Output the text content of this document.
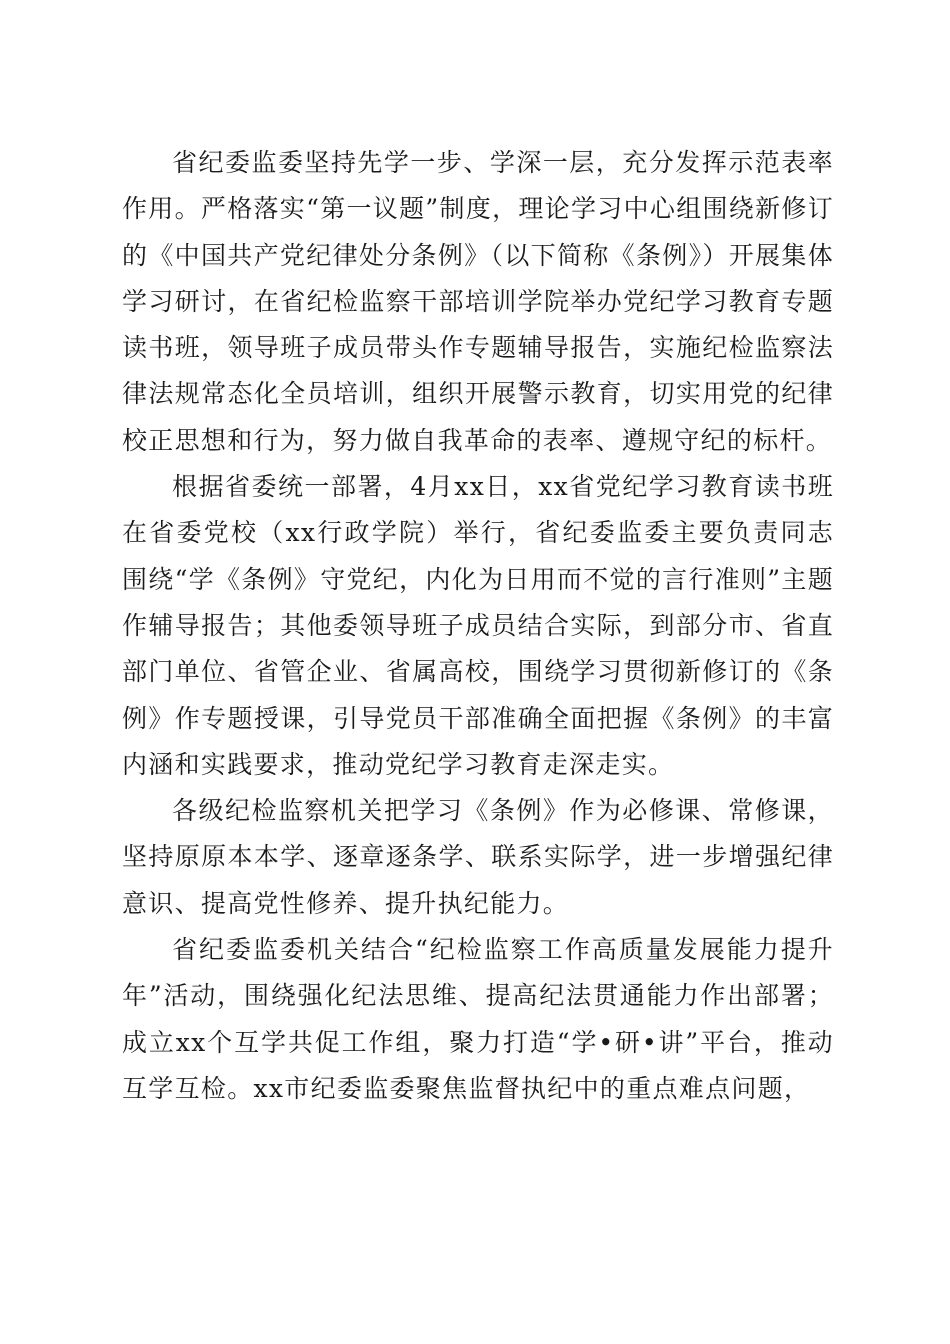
省纪委监委坚持先学一步、学深一层，充分发挥示范表率作用。严格落实“第一议题”制度，理论学习中心组围绕新修订的《中国共产党纪律处分条例》（以下简称《条例》）开展集体学习研讨，在省纪检监察干部培训学院举办党纪学习教育专题读书班，领导班子成员带头作专题辅导报告，实施纪检监察法律法规常态化全员培训，组织开展警示教育，切实用党的纪律校正思想和行为，努力做自我革命的表率、遵规守纪的标杆。

根据省委统一部署，4月xx日，xx省党纪学习教育读书班在省委党校（xx行政学院）举行，省纪委监委主要负责同志围绕“学《条例》守党纪，内化为日用而不觉的言行准则”主题作辅导报告；其他委领导班子成员结合实际，到部分市、省直部门单位、省管企业、省属高校，围绕学习贯彻新修订的《条例》作专题授课，引导党员干部准确全面把握《条例》的丰富内涵和实践要求，推动党纪学习教育走深走实。

各级纪检监察机关把学习《条例》作为必修课、常修课，坚持原原本本学、逐章逐条学、联系实际学，进一步增强纪律意识、提高党性修养、提升执纪能力。

省纪委监委机关结合“纪检监察工作高质量发展能力提升年”活动，围绕强化纪法思维、提高纪法贯通能力作出部署；成立xx个互学共促工作组，聚力打造“学•研•讲”平台，推动互学互检。xx市纪委监委聚焦监督执纪中的重点难点问题，
